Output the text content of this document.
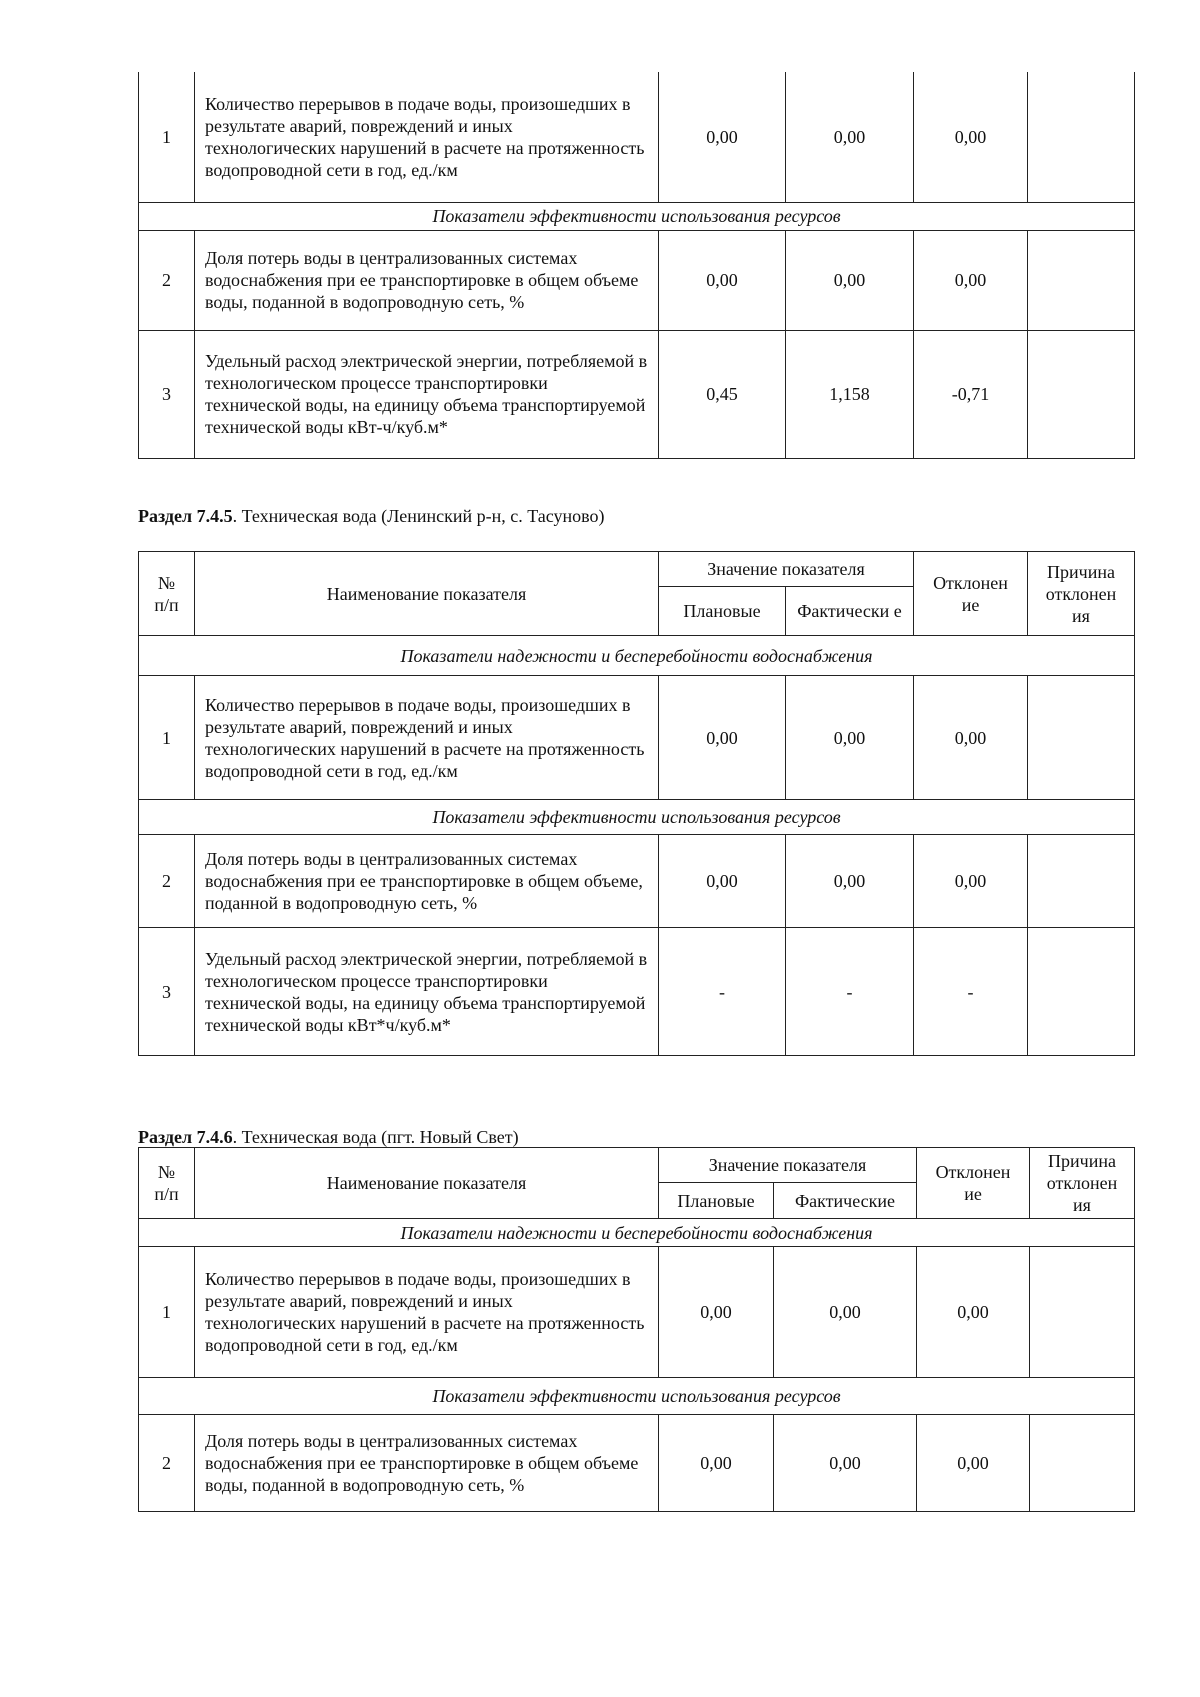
1	Количество перерывов в подаче воды, произошедших в результате аварий, повреждений и иных технологических нарушений в расчете на протяженность водопроводной сети в год, ед./км	0,00	0,00	0,00	
Показатели эффективности использования ресурсов					
2	Доля потерь воды в централизованных системах водоснабжения при ее транспортировке в общем объеме воды, поданной в водопроводную сеть, %	0,00	0,00	0,00	
3	Удельный расход электрической энергии, потребляемой в технологическом процессе транспортировки технической воды, на единицу объема транспортируемой технической воды кВт-ч/куб.м*	0,45	1,158	-0,71	
Раздел 7.4.5. Техническая вода (Ленинский р-н, с. Тасуново)
№ п/п	Наименование показателя	Значение показателя		Отклонен ие	Причина отклонен ия
		Плановые	Фактически е		
Показатели надежности и бесперебойности водоснабжения					
1	Количество перерывов в подаче воды, произошедших в результате аварий, повреждений и иных технологических нарушений в расчете на протяженность водопроводной сети в год, ед./км	0,00	0,00	0,00	
Показатели эффективности использования ресурсов					
2	Доля потерь воды в централизованных системах водоснабжения при ее транспортировке в общем объеме, поданной в водопроводную сеть, %	0,00	0,00	0,00	
3	Удельный расход электрической энергии, потребляемой в технологическом процессе транспортировки технической воды, на единицу объема транспортируемой технической воды кВт*ч/куб.м*	-	-	-	
Раздел 7.4.6. Техническая вода (пгт. Новый Свет)
№ п/п	Наименование показателя	Значение показателя		Отклонен ие	Причина отклонен ия
		Плановые	Фактические		
Показатели надежности и бесперебойности водоснабжения					
1	Количество перерывов в подаче воды, произошедших в результате аварий, повреждений и иных технологических нарушений в расчете на протяженность водопроводной сети в год, ед./км	0,00	0,00	0,00	
Показатели эффективности использования ресурсов					
2	Доля потерь воды в централизованных системах водоснабжения при ее транспортировке в общем объеме воды, поданной в водопроводную сеть, %	0,00	0,00	0,00	
